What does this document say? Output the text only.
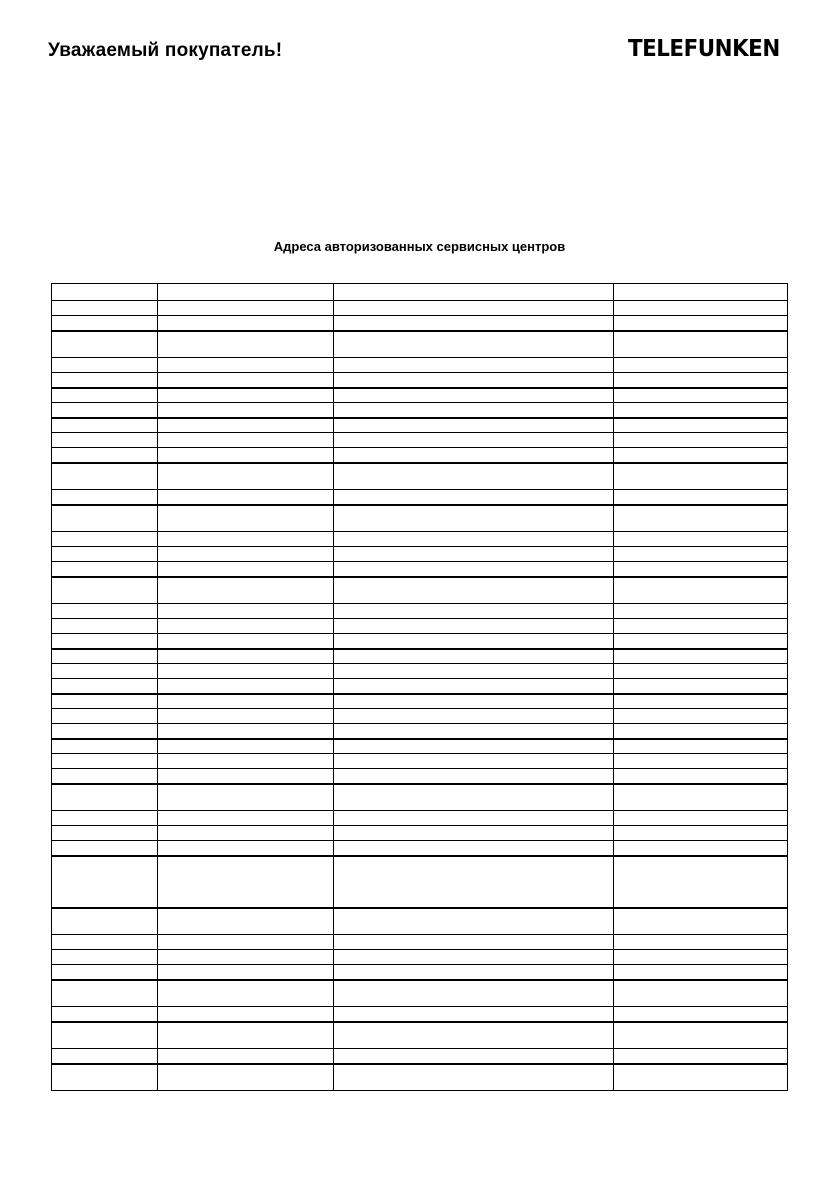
Уважаемый покупатель!	TELEFUNKEN
Адреса авторизованных сервисных центров
